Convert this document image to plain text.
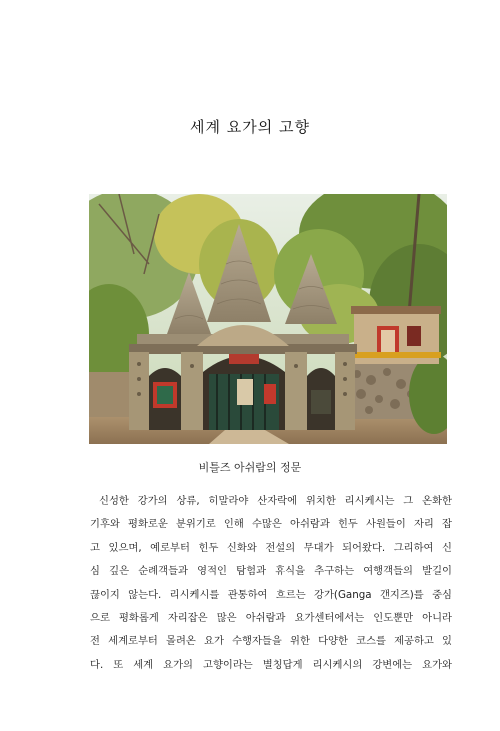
세계 요가의 고향
비틀즈 아쉬람의 정문
신성한 강가의 상류, 히말라야 산자락에 위치한 리시케시는 그 온화한
기후와 평화로운 분위기로 인해 수많은 아쉬람과 힌두 사원들이 자리 잡
고 있으며, 예로부터 힌두 신화와 전설의 무대가 되어왔다. 그리하여 신
심 깊은 순례객들과 영적인 탐험과 휴식을 추구하는 여행객들의 발길이
끊이지 않는다. 리시케시를 관통하여 흐르는 강가(Ganga 갠지즈)를 중심
으로 평화롭게 자리잡은 많은 아쉬람과 요가센터에서는 인도뿐만 아니라
전 세계로부터 몰려온 요가 수행자들을 위한 다양한 코스를 제공하고 있
다. 또 세계 요가의 고향이라는 별칭답게 리시케시의 강변에는 요가와
